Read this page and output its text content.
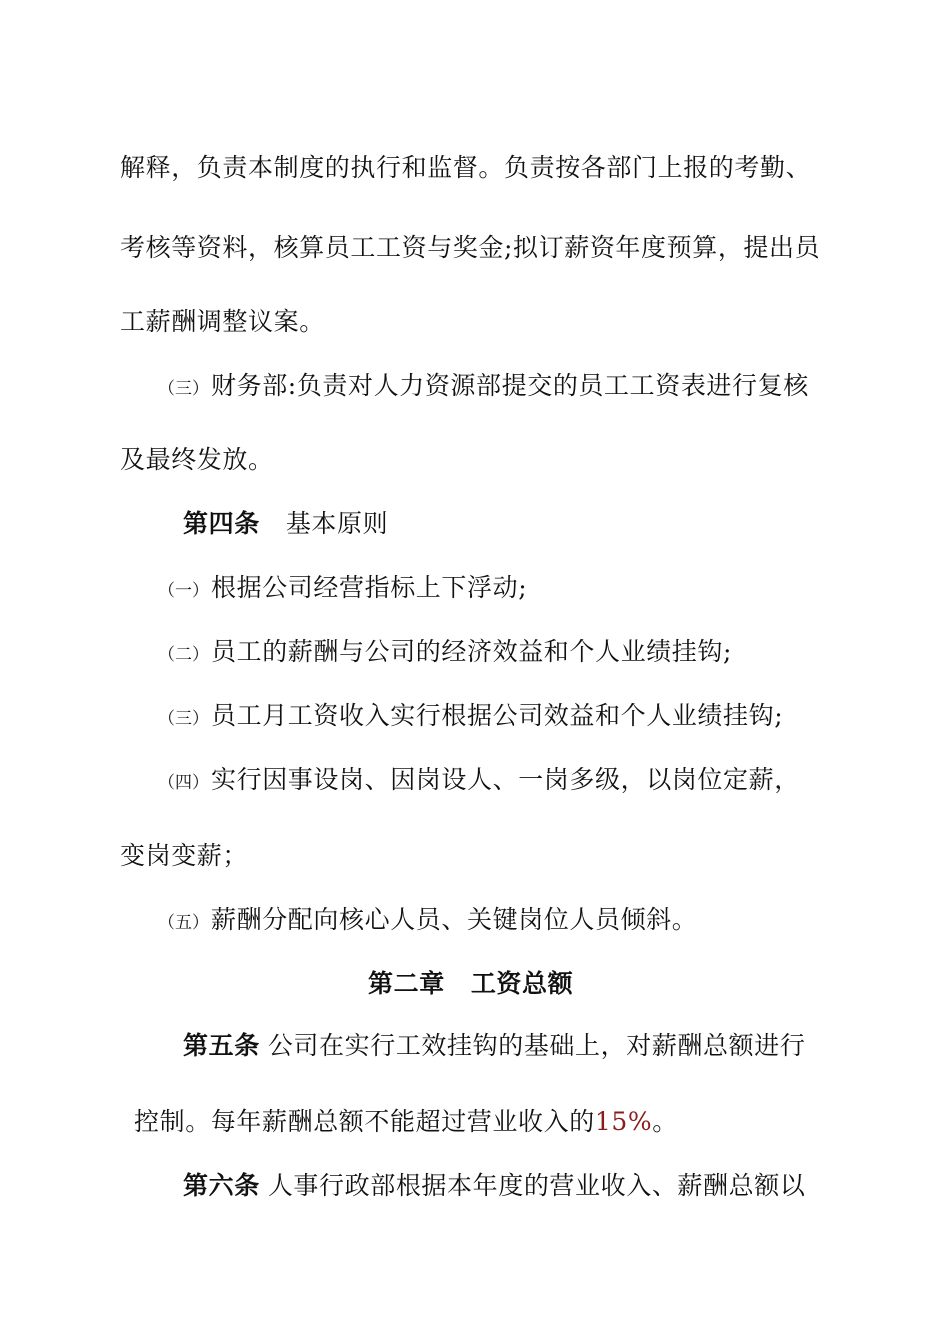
解释，负责本制度的执行和监督。负责按各部门上报的考勤、
考核等资料，核算员工工资与奖金;拟订薪资年度预算，提出员
工薪酬调整议案。
（三）财务部:负责对人力资源部提交的员工工资表进行复核
及最终发放。
第四条 基本原则
（一）根据公司经营指标上下浮动;
（二）员工的薪酬与公司的经济效益和个人业绩挂钩;
（三）员工月工资收入实行根据公司效益和个人业绩挂钩;
（四）实行因事设岗、因岗设人、一岗多级，以岗位定薪，
变岗变薪；
（五）薪酬分配向核心人员、关键岗位人员倾斜。
第二章 工资总额
第五条 公司在实行工效挂钩的基础上，对薪酬总额进行
控制。每年薪酬总额不能超过营业收入的15%。
第六条 人事行政部根据本年度的营业收入、薪酬总额以
